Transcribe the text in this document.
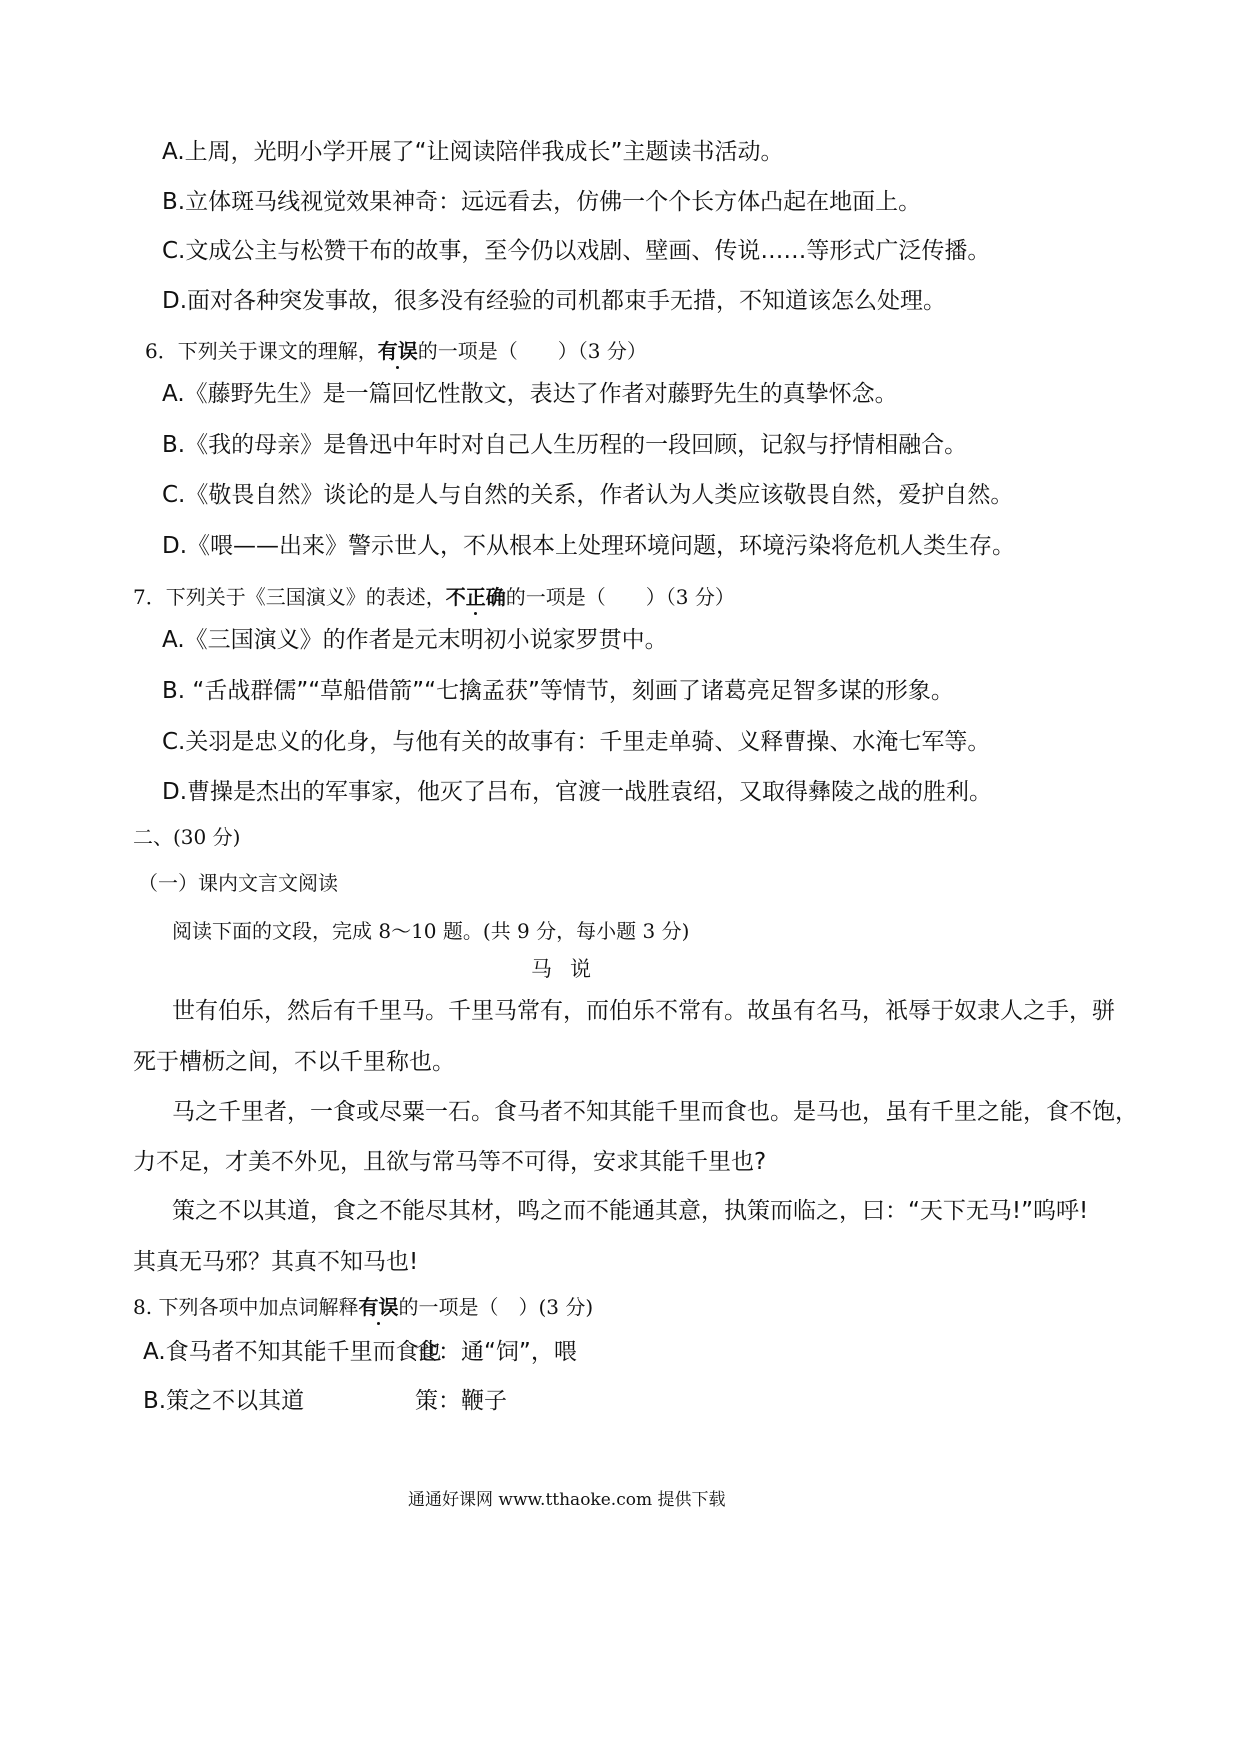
A.上周，光明小学开展了“让阅读陪伴我成长”主题读书活动。

B.立体斑马线视觉效果神奇：远远看去，仿佛一个个长方体凸起在地面上。

C.文成公主与松赞干布的故事，至今仍以戏剧、壁画、传说……等形式广泛传播。

D.面对各种突发事故，很多没有经验的司机都束手无措，不知道该怎么处理。

6．下列关于课文的理解，有误的一项是（　　）（3 分）

A.《藤野先生》是一篇回忆性散文，表达了作者对藤野先生的真挚怀念。

B.《我的母亲》是鲁迅中年时对自己人生历程的一段回顾，记叙与抒情相融合。

C.《敬畏自然》谈论的是人与自然的关系，作者认为人类应该敬畏自然，爱护自然。

D.《喂——出来》警示世人，不从根本上处理环境问题，环境污染将危机人类生存。

7．下列关于《三国演义》的表述，不正确的一项是（　　）（3 分）

A.《三国演义》的作者是元末明初小说家罗贯中。

B. “舌战群儒”“草船借箭”“七擒孟获”等情节，刻画了诸葛亮足智多谋的形象。

C.关羽是忠义的化身，与他有关的故事有：千里走单骑、义释曹操、水淹七军等。

D.曹操是杰出的军事家，他灭了吕布，官渡一战胜袁绍，又取得彝陵之战的胜利。

二、(30 分)

（一）课内文言文阅读

阅读下面的文段，完成 8～10 题。(共 9 分，每小题 3 分)

马说

世有伯乐，然后有千里马。千里马常有，而伯乐不常有。故虽有名马，祇辱于奴隶人之手，骈

死于槽枥之间，不以千里称也。

马之千里者，一食或尽粟一石。食马者不知其能千里而食也。是马也，虽有千里之能，食不饱，

力不足，才美不外见，且欲与常马等不可得，安求其能千里也?

策之不以其道，食之不能尽其材，鸣之而不能通其意，执策而临之，曰：“天下无马!”呜呼!

其真无马邪？其真不知马也!

8. 下列各项中加点词解释有误的一项是（　）(3 分)

A.食马者不知其能千里而食也
食：通“饲”，喂
B.策之不以其道	策：鞭子

通通好课网 www.tthaoke.com 提供下载
